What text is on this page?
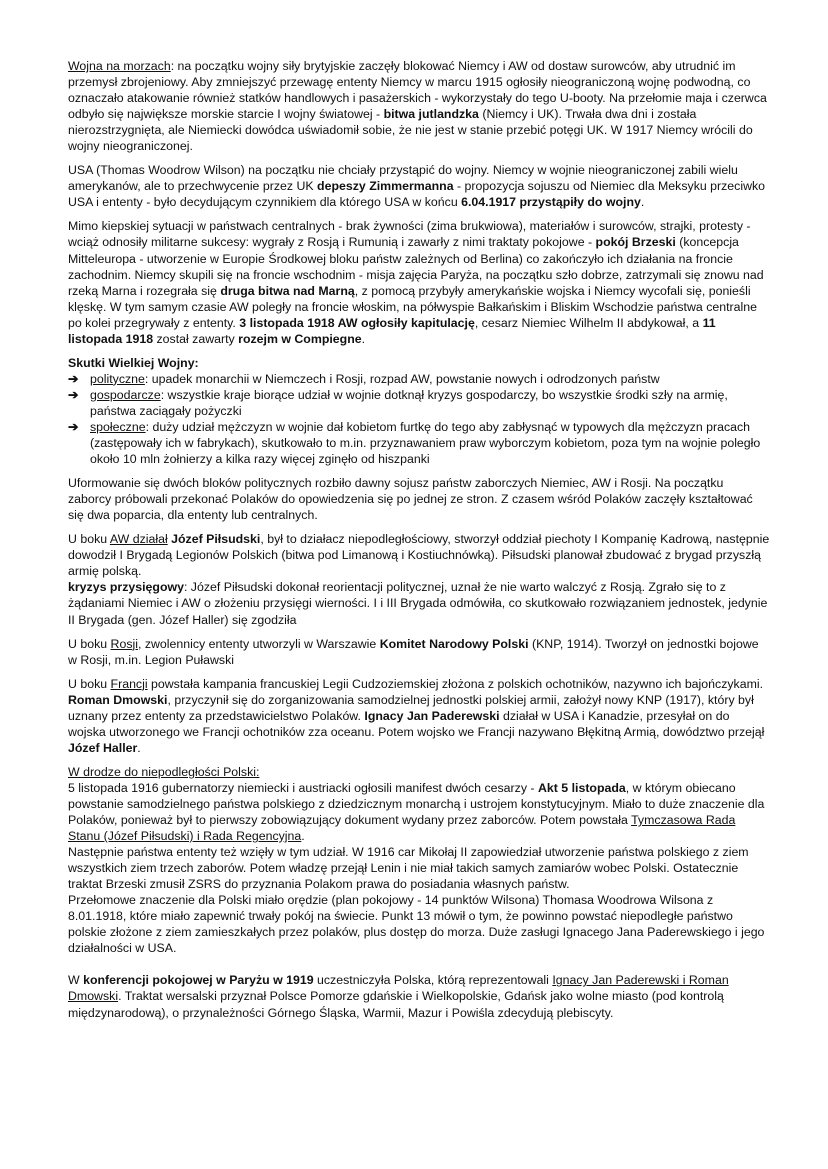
Wojna na morzach: na początku wojny siły brytyjskie zaczęły blokować Niemcy i AW od dostaw surowców, aby utrudnić im przemysł zbrojeniowy. Aby zmniejszyć przewagę ententy Niemcy w marcu 1915 ogłosiły nieograniczoną wojnę podwodną, co oznaczało atakowanie również statków handlowych i pasażerskich - wykorzystały do tego U-booty. Na przełomie maja i czerwca odbyło się największe morskie starcie I wojny światowej - bitwa jutlandzka (Niemcy i UK). Trwała dwa dni i została nierozstrzygnięta, ale Niemiecki dowódca uświadomił sobie, że nie jest w stanie przebić potęgi UK. W 1917 Niemcy wrócili do wojny nieograniczonej.

USA (Thomas Woodrow Wilson) na początku nie chciały przystąpić do wojny. Niemcy w wojnie nieograniczonej zabili wielu amerykanów, ale to przechwycenie przez UK depeszy Zimmermanna - propozycja sojuszu od Niemiec dla Meksyku przeciwko USA i ententy - było decydującym czynnikiem dla którego USA w końcu 6.04.1917 przystąpiły do wojny.

Mimo kiepskiej sytuacji w państwach centralnych - brak żywności (zima brukwiowa), materiałów i surowców, strajki, protesty - wciąż odnosiły militarne sukcesy: wygrały z Rosją i Rumunią i zawarły z nimi traktaty pokojowe - pokój Brzeski (koncepcja Mitteleuropa - utworzenie w Europie Środkowej bloku państw zależnych od Berlina) co zakończyło ich działania na froncie zachodnim. Niemcy skupili się na froncie wschodnim - misja zajęcia Paryża, na początku szło dobrze, zatrzymali się znowu nad rzeką Marna i rozegrała się druga bitwa nad Marną, z pomocą przybyły amerykańskie wojska i Niemcy wycofali się, ponieśli klęskę. W tym samym czasie AW poległy na froncie włoskim, na półwyspie Bałkańskim i Bliskim Wschodzie państwa centralne po kolei przegrywały z ententy. 3 listopada 1918 AW ogłosiły kapitulację, cesarz Niemiec Wilhelm II abdykował, a 11 listopada 1918 został zawarty rozejm w Compiegne.

Skutki Wielkiej Wojny:

➔ polityczne: upadek monarchii w Niemczech i Rosji, rozpad AW, powstanie nowych i odrodzonych państw
➔ gospodarcze: wszystkie kraje biorące udział w wojnie dotknął kryzys gospodarczy, bo wszystkie środki szły na armię, państwa zaciągały pożyczki
➔ społeczne: duży udział mężczyzn w wojnie dał kobietom furtkę do tego aby zabłysnąć w typowych dla mężczyzn pracach (zastępowały ich w fabrykach), skutkowało to m.in. przyznawaniem praw wyborczym kobietom, poza tym na wojnie poległo około 10 mln żołnierzy a kilka razy więcej zginęło od hiszpanki

Uformowanie się dwóch bloków politycznych rozbiło dawny sojusz państw zaborczych Niemiec, AW i Rosji. Na początku zaborcy próbowali przekonać Polaków do opowiedzenia się po jednej ze stron. Z czasem wśród Polaków zaczęły kształtować się dwa poparcia, dla ententy lub centralnych.

U boku AW działał Józef Piłsudski, był to działacz niepodległościowy, stworzył oddział piechoty I Kompanię Kadrową, następnie dowodził I Brygadą Legionów Polskich (bitwa pod Limanową i Kostiuchnówką). Piłsudski planował zbudować z brygad przyszłą armię polską.
kryzys przysięgowy: Józef Piłsudski dokonał reorientacji politycznej, uznał że nie warto walczyć z Rosją. Zgrało się to z żądaniami Niemiec i AW o złożeniu przysięgi wierności. I i III Brygada odmówiła, co skutkowało rozwiązaniem jednostek, jedynie II Brygada (gen. Józef Haller) się zgodziła

U boku Rosji, zwolennicy ententy utworzyli w Warszawie Komitet Narodowy Polski (KNP, 1914). Tworzył on jednostki bojowe w Rosji, m.in. Legion Puławski

U boku Francji powstała kampania francuskiej Legii Cudzoziemskiej złożona z polskich ochotników, nazywno ich bajończykami. Roman Dmowski, przyczynił się do zorganizowania samodzielnej jednostki polskiej armii, założył nowy KNP (1917), który był uznany przez ententy za przedstawicielstwo Polaków. Ignacy Jan Paderewski działał w USA i Kanadzie, przesyłał on do wojska utworzonego we Francji ochotników zza oceanu. Potem wojsko we Francji nazywano Błękitną Armią, dowództwo przejął Józef Haller.

W drodze do niepodległości Polski:
5 listopada 1916 gubernatorzy niemiecki i austriacki ogłosili manifest dwóch cesarzy - Akt 5 listopada, w którym obiecano powstanie samodzielnego państwa polskiego z dziedzicznym monarchą i ustrojem konstytucyjnym. Miało to duże znaczenie dla Polaków, ponieważ był to pierwszy zobowiązujący dokument wydany przez zaborców. Potem powstała Tymczasowa Rada Stanu (Józef Piłsudski) i Rada Regencyjna.
Następnie państwa ententy też wzięły w tym udział. W 1916 car Mikołaj II zapowiedział utworzenie państwa polskiego z ziem wszystkich ziem trzech zaborów. Potem władzę przejął Lenin i nie miał takich samych zamiarów wobec Polski. Ostatecznie traktat Brzeski zmusił ZSRS do przyznania Polakom prawa do posiadania własnych państw.
Przełomowe znaczenie dla Polski miało orędzie (plan pokojowy - 14 punktów Wilsona) Thomasa Woodrowa Wilsona z 8.01.1918, które miało zapewnić trwały pokój na świecie. Punkt 13 mówił o tym, że powinno powstać niepodległe państwo polskie złożone z ziem zamieszkałych przez polaków, plus dostęp do morza. Duże zasługi Ignacego Jana Paderewskiego i jego działalności w USA.

W konferencji pokojowej w Paryżu w 1919 uczestniczyła Polska, którą reprezentowali Ignacy Jan Paderewski i Roman Dmowski. Traktat wersalski przyznał Polsce Pomorze gdańskie i Wielkopolskie, Gdańsk jako wolne miasto (pod kontrolą międzynarodową), o przynależności Górnego Śląska, Warmii, Mazur i Powiśla zdecydują plebiscyty.
